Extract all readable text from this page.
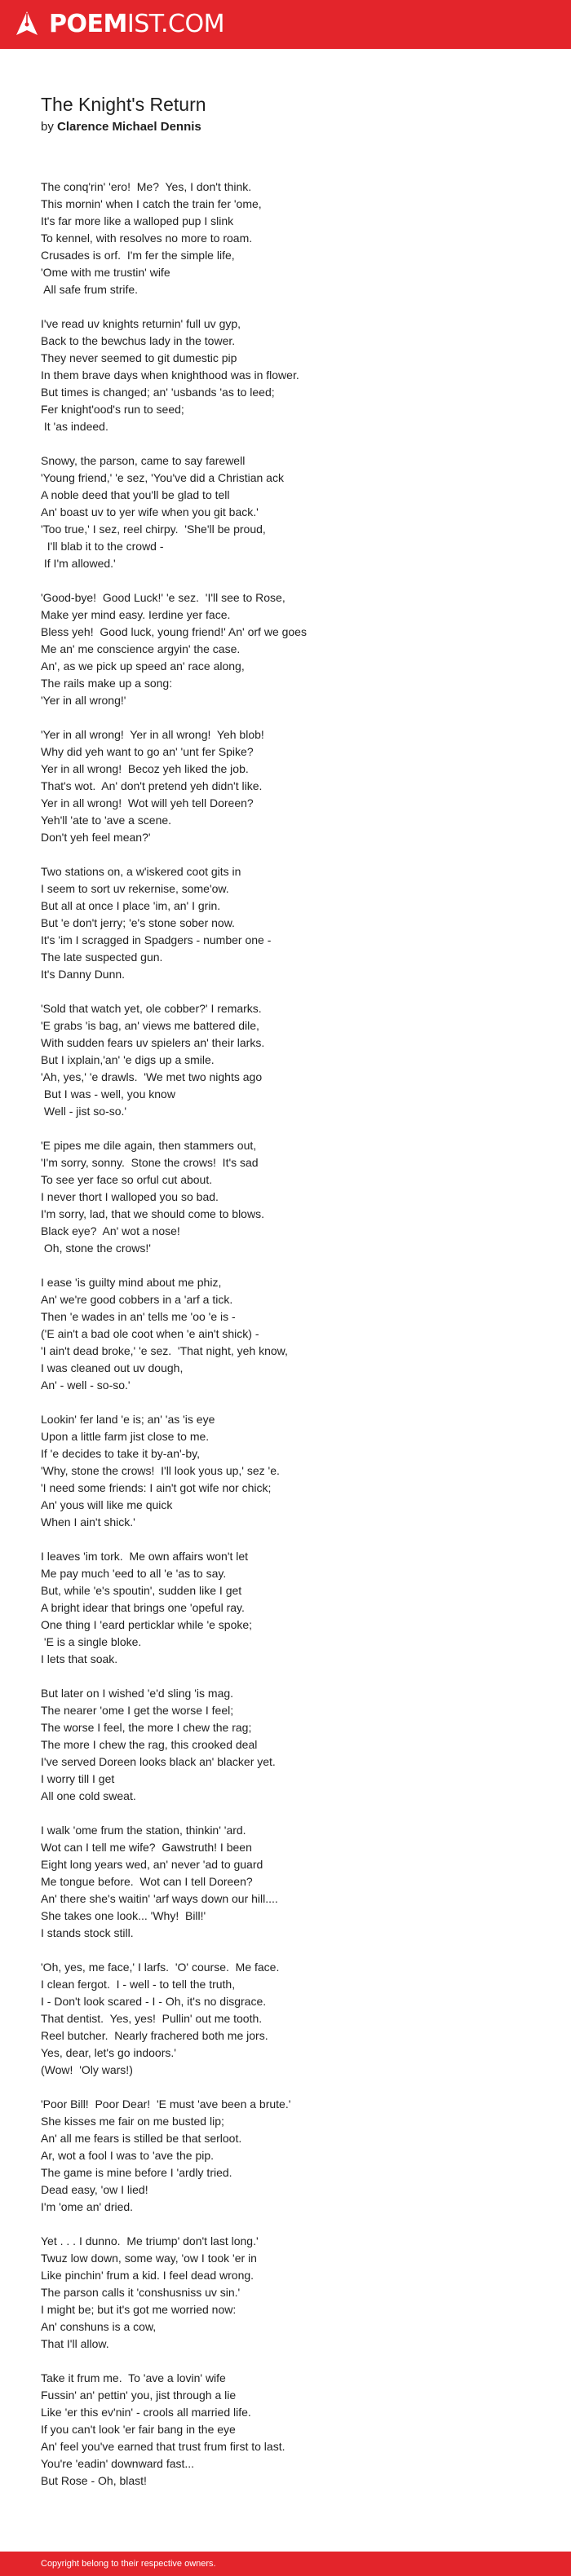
POEMIST.COM
The Knight's Return
by Clarence Michael Dennis
The conq'rin' 'ero!  Me?  Yes, I don't think.
This mornin' when I catch the train fer 'ome,
It's far more like a walloped pup I slink
To kennel, with resolves no more to roam.
Crusades is orf.  I'm fer the simple life,
'Ome with me trustin' wife
All safe frum strife.
I've read uv knights returnin' full uv gyp,
Back to the bewchus lady in the tower.
They never seemed to git dumestic pip
In them brave days when knighthood was in flower.
But times is changed; an' 'usbands 'as to leed;
Fer knight'ood's run to seed;
It 'as indeed.
Snowy, the parson, came to say farewell
'Young friend,' 'e sez, 'You've did a Christian ack
A noble deed that you'll be glad to tell
An' boast uv to yer wife when you git back.'
'Too true,' I sez, reel chirpy.  'She'll be proud,
I'll blab it to the crowd -
If I'm allowed.'
'Good-bye!  Good Luck!' 'e sez.  'I'll see to Rose,
Make yer mind easy. Ierdine yer face.
Bless yeh!  Good luck, young friend!' An' orf we goes
Me an' me conscience argyin' the case.
An', as we pick up speed an' race along,
The rails make up a song:
'Yer in all wrong!'
'Yer in all wrong!  Yer in all wrong!  Yeh blob!
Why did yeh want to go an' 'unt fer Spike?
Yer in all wrong!  Becoz yeh liked the job.
That's wot.  An' don't pretend yeh didn't like.
Yer in all wrong!  Wot will yeh tell Doreen?
Yeh'll 'ate to 'ave a scene.
Don't yeh feel mean?'
Two stations on, a w'iskered coot gits in
I seem to sort uv rekernise, some'ow.
But all at once I place 'im, an' I grin.
But 'e don't jerry; 'e's stone sober now.
It's 'im I scragged in Spadgers - number one -
The late suspected gun.
It's Danny Dunn.
'Sold that watch yet, ole cobber?' I remarks.
'E grabs 'is bag, an' views me battered dile,
With sudden fears uv spielers an' their larks.
But I ixplain,'an' 'e digs up a smile.
'Ah, yes,' 'e drawls.  'We met two nights ago
But I was - well, you know
Well - jist so-so.'
'E pipes me dile again, then stammers out,
'I'm sorry, sonny.  Stone the crows!  It's sad
To see yer face so orful cut about.
I never thort I walloped you so bad.
I'm sorry, lad, that we should come to blows.
Black eye?  An' wot a nose!
Oh, stone the crows!'
I ease 'is guilty mind about me phiz,
An' we're good cobbers in a 'arf a tick.
Then 'e wades in an' tells me 'oo 'e is -
('E ain't a bad ole coot when 'e ain't shick) -
'I ain't dead broke,' 'e sez.  'That night, yeh know,
I was cleaned out uv dough,
An' - well - so-so.'
Lookin' fer land 'e is; an' 'as 'is eye
Upon a little farm jist close to me.
If 'e decides to take it by-an'-by,
'Why, stone the crows!  I'll look yous up,' sez 'e.
'I need some friends: I ain't got wife nor chick;
An' yous will like me quick
When I ain't shick.'
I leaves 'im tork.  Me own affairs won't let
Me pay much 'eed to all 'e 'as to say.
But, while 'e's spoutin', sudden like I get
A bright idear that brings one 'opeful ray.
One thing I 'eard perticklar while 'e spoke;
'E is a single bloke.
I lets that soak.
But later on I wished 'e'd sling 'is mag.
The nearer 'ome I get the worse I feel;
The worse I feel, the more I chew the rag;
The more I chew the rag, this crooked deal
I've served Doreen looks black an' blacker yet.
I worry till I get
All one cold sweat.
I walk 'ome frum the station, thinkin' 'ard.
Wot can I tell me wife?  Gawstruth! I been
Eight long years wed, an' never 'ad to guard
Me tongue before.  Wot can I tell Doreen?
An' there she's waitin' 'arf ways down our hill....
She takes one look... 'Why!  Bill!'
I stands stock still.
'Oh, yes, me face,' I larfs.  'O' course.  Me face.
I clean fergot.  I - well - to tell the truth,
I - Don't look scared - I - Oh, it's no disgrace.
That dentist.  Yes, yes!  Pullin' out me tooth.
Reel butcher.  Nearly frachered both me jors.
Yes, dear, let's go indoors.'
(Wow!  'Oly wars!)
'Poor Bill!  Poor Dear!  'E must 'ave been a brute.'
She kisses me fair on me busted lip;
An' all me fears is stilled be that serloot.
Ar, wot a fool I was to 'ave the pip.
The game is mine before I 'ardly tried.
Dead easy, 'ow I lied!
I'm 'ome an' dried.
Yet . . . I dunno.  Me triump' don't last long.'
Twuz low down, some way, 'ow I took 'er in
Like pinchin' frum a kid. I feel dead wrong.
The parson calls it 'conshusniss uv sin.'
I might be; but it's got me worried now:
An' conshuns is a cow,
That I'll allow.
Take it frum me.  To 'ave a lovin' wife
Fussin' an' pettin' you, jist through a lie
Like 'er this ev'nin' - crools all married life.
If you can't look 'er fair bang in the eye
An' feel you've earned that trust frum first to last.
You're 'eadin' downward fast...
But Rose - Oh, blast!
Copyright belong to their respective owners.
